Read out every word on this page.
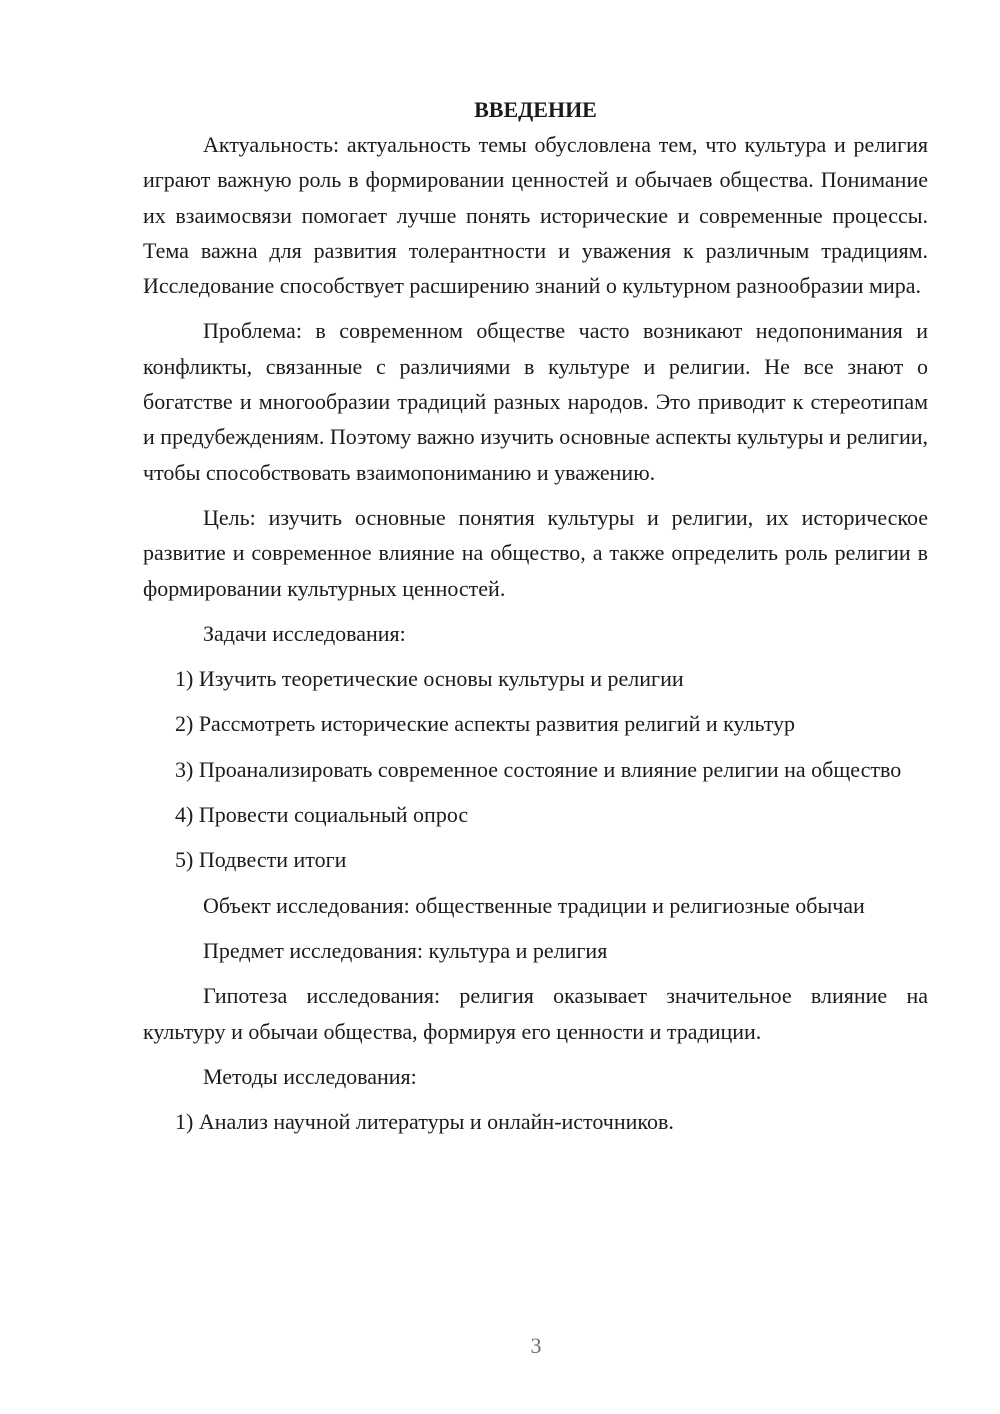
ВВЕДЕНИЕ

Актуальность: актуальность темы обусловлена тем, что культура и религия играют важную роль в формировании ценностей и обычаев общества. Понимание их взаимосвязи помогает лучше понять исторические и современные процессы. Тема важна для развития толерантности и уважения к различным традициям. Исследование способствует расширению знаний о культурном разнообразии мира.

Проблема: в современном обществе часто возникают недопонимания и конфликты, связанные с различиями в культуре и религии. Не все знают о богатстве и многообразии традиций разных народов. Это приводит к стереотипам и предубеждениям. Поэтому важно изучить основные аспекты культуры и религии, чтобы способствовать взаимопониманию и уважению.

Цель: изучить основные понятия культуры и религии, их историческое развитие и современное влияние на общество, а также определить роль религии в формировании культурных ценностей.

Задачи исследования:

1) Изучить теоретические основы культуры и религии

2) Рассмотреть исторические аспекты развития религий и культур

3) Проанализировать современное состояние и влияние религии на общество

4) Провести социальный опрос

5) Подвести итоги

Объект исследования: общественные традиции и религиозные обычаи

Предмет исследования: культура и религия

Гипотеза исследования: религия оказывает значительное влияние на культуру и обычаи общества, формируя его ценности и традиции.

Методы исследования:

1) Анализ научной литературы и онлайн-источников.

3
